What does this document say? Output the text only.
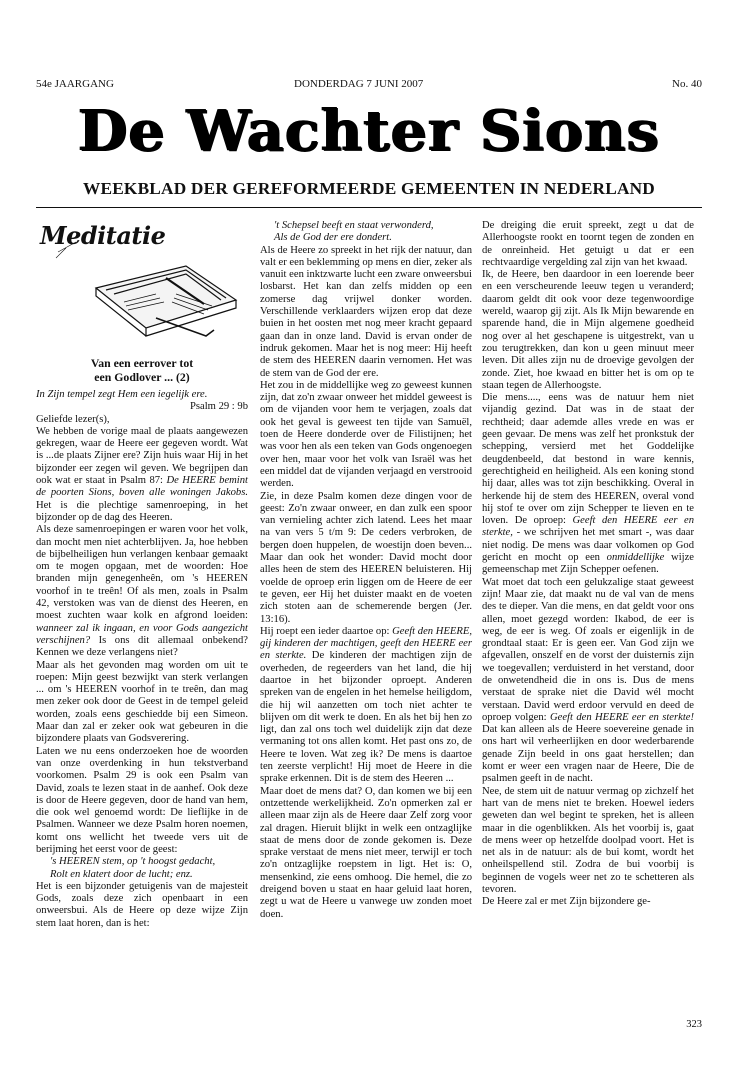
54e JAARGANG	DONDERDAG 7 JUNI 2007	No. 40
De Wachter Sions
WEEKBLAD DER GEREFORMEERDE GEMEENTEN IN NEDERLAND
Meditatie
Van een eerrover tot
een Godlover ... (2)

In Zijn tempel zegt Hem een iegelijk ere.

Psalm 29 : 9b

Geliefde lezer(s),

We hebben de vorige maal de plaats aangewezen gekregen, waar de Heere eer gegeven wordt. Wat is ...de plaats Zijner ere? Zijn huis waar Hij in het bijzonder eer zegen wil geven. We begrijpen dan ook wat er staat in Psalm 87: De HEERE bemint de poorten Sions, boven alle woningen Jakobs. Het is die plechtige samenroeping, in het bijzonder op de dag des Heeren.

Als deze samenroepingen er waren voor het volk, dan mocht men niet achterblijven. Ja, hoe hebben de bijbelheiligen hun verlangen kenbaar gemaakt om te mogen opgaan, met de woorden: Hoe branden mijn genegenheên, om 's HEEREN voorhof in te treên! Of als men, zoals in Psalm 42, verstoken was van de dienst des Heeren, en moest zuchten waar kolk en afgrond loeiden: wanneer zal ik ingaan, en voor Gods aangezicht verschijnen? Is ons dit allemaal onbekend? Kennen we deze verlangens niet?

Maar als het gevonden mag worden om uit te roepen: Mijn geest bezwijkt van sterk verlangen ... om 's HEEREN voorhof in te treên, dan mag men zeker ook door de Geest in de tempel geleid worden, zoals eens geschiedde bij een Simeon. Maar dan zal er zeker ook wat gebeuren in die bijzondere plaats van Godsverering.

Laten we nu eens onderzoeken hoe de woorden van onze overdenking in hun tekstverband voorkomen. Psalm 29 is ook een Psalm van David, zoals te lezen staat in de aanhef. Ook deze is door de Heere gegeven, door de hand van hem, die ook wel genoemd wordt: De lieflijke in de Psalmen. Wanneer we deze Psalm horen noemen, komt ons wellicht het tweede vers uit de berijming het eerst voor de geest:

's HEEREN stem, op 't hoogst gedacht,

Rolt en klatert door de lucht; enz.

Het is een bijzonder getuigenis van de majesteit Gods, zoals deze zich openbaart in een onweersbui. Als de Heere op deze wijze Zijn stem laat horen, dan is het:

't Schepsel beeft en staat verwonderd,

Als de God der ere dondert.

Als de Heere zo spreekt in het rijk der natuur, dan valt er een beklemming op mens en dier, zeker als vanuit een inktzwarte lucht een zware onweersbui losbarst. Het kan dan zelfs midden op een zomerse dag vrijwel donker worden. Verschillende verklaarders wijzen erop dat deze buien in het oosten met nog meer kracht gepaard gaan dan in onze land. David is ervan onder de indruk gekomen. Maar het is nog meer: Hij heeft de stem des HEEREN daarin vernomen. Het was de stem van de God der ere.

Het zou in de middellijke weg zo geweest kunnen zijn, dat zo'n zwaar onweer het middel geweest is om de vijanden voor hem te verjagen, zoals dat ook het geval is geweest ten tijde van Samuël, toen de Heere donderde over de Filistijnen; het was voor hen als een teken van Gods ongenoegen over hen, maar voor het volk van Israël was het een middel dat de vijanden verjaagd en verstrooid werden.

Zie, in deze Psalm komen deze dingen voor de geest: Zo'n zwaar onweer, en dan zulk een spoor van vernieling achter zich latend. Lees het maar na van vers 5 t/m 9: De ceders verbroken, de bergen doen huppelen, de woestijn doen beven... Maar dan ook het wonder: David mocht door alles heen de stem des HEEREN beluisteren. Hij voelde de oproep erin liggen om de Heere de eer te geven, eer Hij het duister maakt en de voeten zich stoten aan de schemerende bergen (Jer. 13:16).

Hij roept een ieder daartoe op: Geeft den HEERE, gij kinderen der machtigen, geeft den HEERE eer en sterkte. De kinderen der machtigen zijn de overheden, de regeerders van het land, die hij daartoe in het bijzonder oproept. Anderen spreken van de engelen in het hemelse heiligdom, die hij wil aanzetten om toch niet achter te blijven om dit werk te doen. En als het bij hen zo ligt, dan zal ons toch wel duidelijk zijn dat deze vermaning tot ons allen komt. Het past ons zo, de Heere te loven. Wat zeg ik? De mens is daartoe ten zeerste verplicht! Hij moet de Heere in die sprake erkennen. Dit is de stem des Heeren ...

Maar doet de mens dat? O, dan komen we bij een ontzettende werkelijkheid. Zo'n opmerken zal er alleen maar zijn als de Heere daar Zelf zorg voor zal dragen. Hieruit blijkt in welk een ontzaglijke staat de mens door de zonde gekomen is. Deze sprake verstaat de mens niet meer, terwijl er toch zo'n ontzaglijke roepstem in ligt. Het is: O, mensenkind, zie eens omhoog. Die hemel, die zo dreigend boven u staat en haar geluid laat horen, zegt u wat de Heere u vanwege uw zonden moet doen.

De dreiging die eruit spreekt, zegt u dat de Allerhoogste rookt en toornt tegen de zonden en de onreinheid. Het getuigt u dat er een rechtvaardige vergelding zal zijn van het kwaad.

Ik, de Heere, ben daardoor in een loerende beer en een verscheurende leeuw tegen u veranderd; daarom geldt dit ook voor deze tegenwoordige wereld, waarop gij zijt. Als Ik Mijn bewarende en sparende hand, die in Mijn algemene goedheid nog over al het geschapene is uitgestrekt, van u zou terugtrekken, dan kon u geen minuut meer leven. Dit alles zijn nu de droevige gevolgen der zonde. Ziet, hoe kwaad en bitter het is om op te staan tegen de Allerhoogste.

Die mens...., eens was de natuur hem niet vijandig gezind. Dat was in de staat der rechtheid; daar ademde alles vrede en was er geen gevaar. De mens was zelf het pronkstuk der schepping, versierd met het Goddelijke deugdenbeeld, dat bestond in ware kennis, gerechtigheid en heiligheid. Als een koning stond hij daar, alles was tot zijn beschikking. Overal in herkende hij de stem des HEEREN, overal vond hij stof te over om zijn Schepper te lieven en te loven. De oproep: Geeft den HEERE eer en sterkte, - we schrijven het met smart -, was daar niet nodig. De mens was daar volkomen op God gericht en mocht op een onmiddellijke wijze gemeenschap met Zijn Schepper oefenen.

Wat moet dat toch een gelukzalige staat geweest zijn! Maar zie, dat maakt nu de val van de mens des te dieper. Van die mens, en dat geldt voor ons allen, moet gezegd worden: Ikabod, de eer is weg, de eer is weg. Of zoals er eigenlijk in de grondtaal staat: Er is geen eer. Van God zijn we afgevallen, onszelf en de vorst der duisternis zijn we toegevallen; verduisterd in het verstand, door de onwetendheid die in ons is. Dus de mens verstaat de sprake niet die David wél mocht verstaan. David werd erdoor vervuld en deed de oproep volgen: Geeft den HEERE eer en sterkte! Dat kan alleen als de Heere soevereine genade in ons hart wil verheerlijken en door wederbarende genade Zijn beeld in ons gaat herstellen; dan komt er weer een vragen naar de Heere, Die de psalmen geeft in de nacht.

Nee, de stem uit de natuur vermag op zichzelf het hart van de mens niet te breken. Hoewel ieders geweten dan wel begint te spreken, het is alleen maar in die ogenblikken. Als het voorbij is, gaat de mens weer op hetzelfde doolpad voort. Het is net als in de natuur: als de bui komt, wordt het onheilspellend stil. Zodra de bui voorbij is beginnen de vogels weer net zo te schetteren als tevoren.

De Heere zal er met Zijn bijzondere ge-

323
